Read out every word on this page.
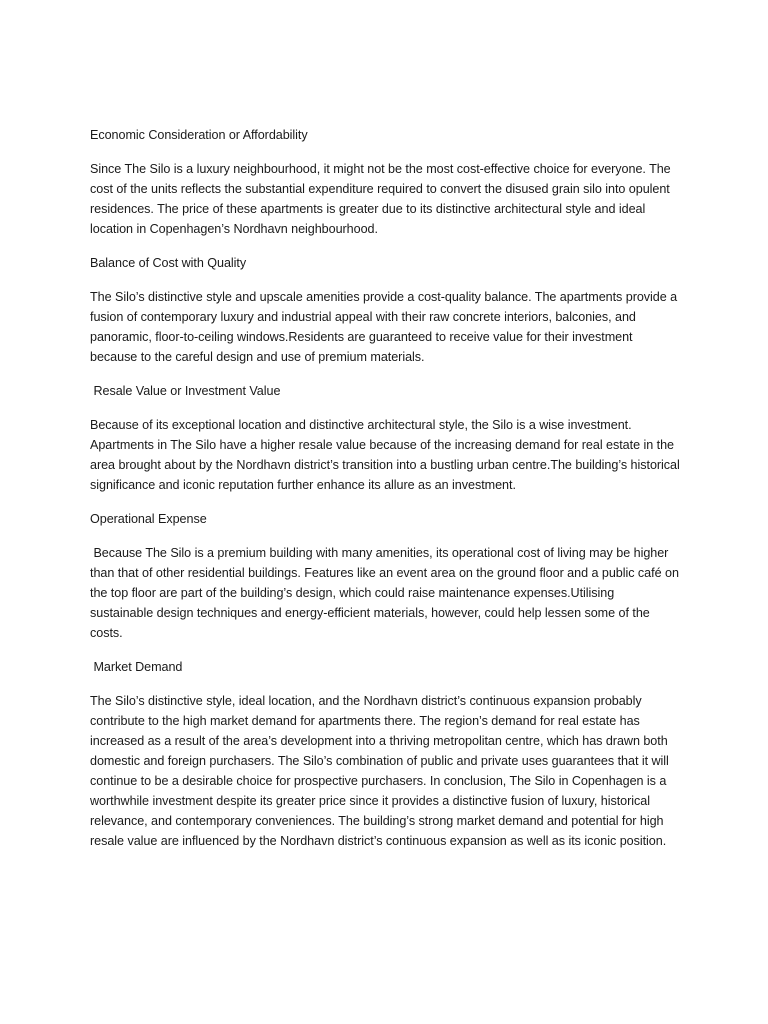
Economic Consideration or Affordability

Since The Silo is a luxury neighbourhood, it might not be the most cost-effective choice for everyone. The cost of the units reflects the substantial expenditure required to convert the disused grain silo into opulent residences. The price of these apartments is greater due to its distinctive architectural style and ideal location in Copenhagen’s Nordhavn neighbourhood.

Balance of Cost with Quality

The Silo’s distinctive style and upscale amenities provide a cost-quality balance. The apartments provide a fusion of contemporary luxury and industrial appeal with their raw concrete interiors, balconies, and panoramic, floor-to-ceiling windows.Residents are guaranteed to receive value for their investment because to the careful design and use of premium materials.

Resale Value or Investment Value

Because of its exceptional location and distinctive architectural style, the Silo is a wise investment. Apartments in The Silo have a higher resale value because of the increasing demand for real estate in the area brought about by the Nordhavn district’s transition into a bustling urban centre.The building’s historical significance and iconic reputation further enhance its allure as an investment.

Operational Expense

Because The Silo is a premium building with many amenities, its operational cost of living may be higher than that of other residential buildings. Features like an event area on the ground floor and a public café on the top floor are part of the building’s design, which could raise maintenance expenses.Utilising sustainable design techniques and energy-efficient materials, however, could help lessen some of the costs.

Market Demand

The Silo’s distinctive style, ideal location, and the Nordhavn district’s continuous expansion probably contribute to the high market demand for apartments there. The region’s demand for real estate has increased as a result of the area’s development into a thriving metropolitan centre, which has drawn both domestic and foreign purchasers. The Silo’s combination of public and private uses guarantees that it will continue to be a desirable choice for prospective purchasers. In conclusion, The Silo in Copenhagen is a worthwhile investment despite its greater price since it provides a distinctive fusion of luxury, historical relevance, and contemporary conveniences. The building’s strong market demand and potential for high resale value are influenced by the Nordhavn district’s continuous expansion as well as its iconic position.
